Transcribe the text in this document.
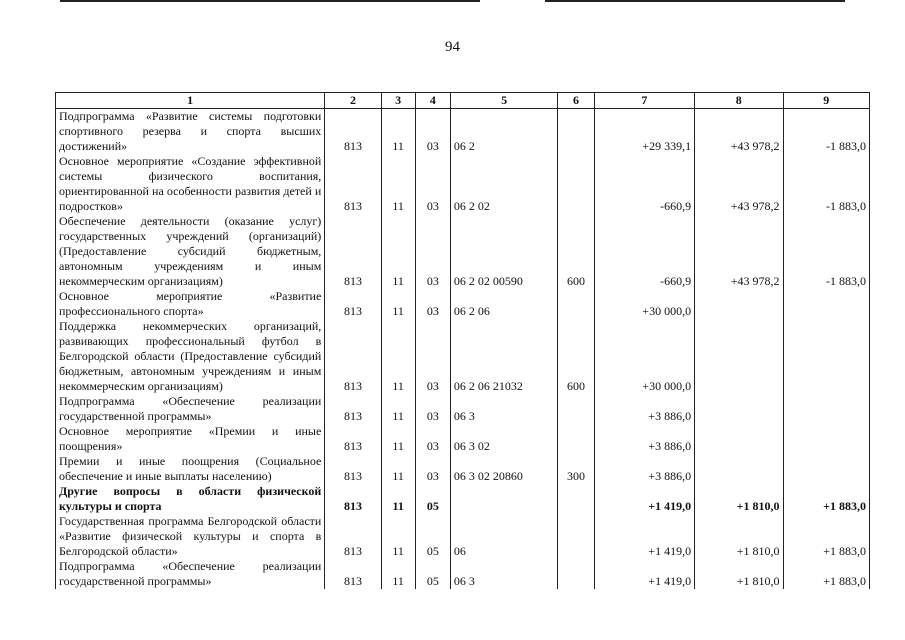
94
1	2	3	4	5	6	7	8	9
Подпрограмма «Развитие системы подготовки спортивного резерва и спорта высших достижений»	813	11	03	06 2		+29 339,1	+43 978,2	-1 883,0
Основное мероприятие «Создание эффективной системы физического воспитания, ориентированной на особенности развития детей и подростков»	813	11	03	06 2 02		-660,9	+43 978,2	-1 883,0
Обеспечение деятельности (оказание услуг) государственных учреждений (организаций) (Предоставление субсидий бюджетным, автономным учреждениям и иным некоммерческим организациям)	813	11	03	06 2 02 00590	600	-660,9	+43 978,2	-1 883,0
Основное мероприятие «Развитие профессионального спорта»	813	11	03	06 2 06		+30 000,0		
Поддержка некоммерческих организаций, развивающих профессиональный футбол в Белгородской области (Предоставление субсидий бюджетным, автономным учреждениям и иным некоммерческим организациям)	813	11	03	06 2 06 21032	600	+30 000,0		
Подпрограмма «Обеспечение реализации государственной программы»	813	11	03	06 3		+3 886,0		
Основное мероприятие «Премии и иные поощрения»	813	11	03	06 3 02		+3 886,0		
Премии и иные поощрения (Социальное обеспечение и иные выплаты населению)	813	11	03	06 3 02 20860	300	+3 886,0		
Другие вопросы в области физической культуры и спорта	813	11	05			+1 419,0	+1 810,0	+1 883,0
Государственная программа Белгородской области «Развитие физической культуры и спорта в Белгородской области»	813	11	05	06		+1 419,0	+1 810,0	+1 883,0
Подпрограмма «Обеспечение реализации государственной программы»	813	11	05	06 3		+1 419,0	+1 810,0	+1 883,0
